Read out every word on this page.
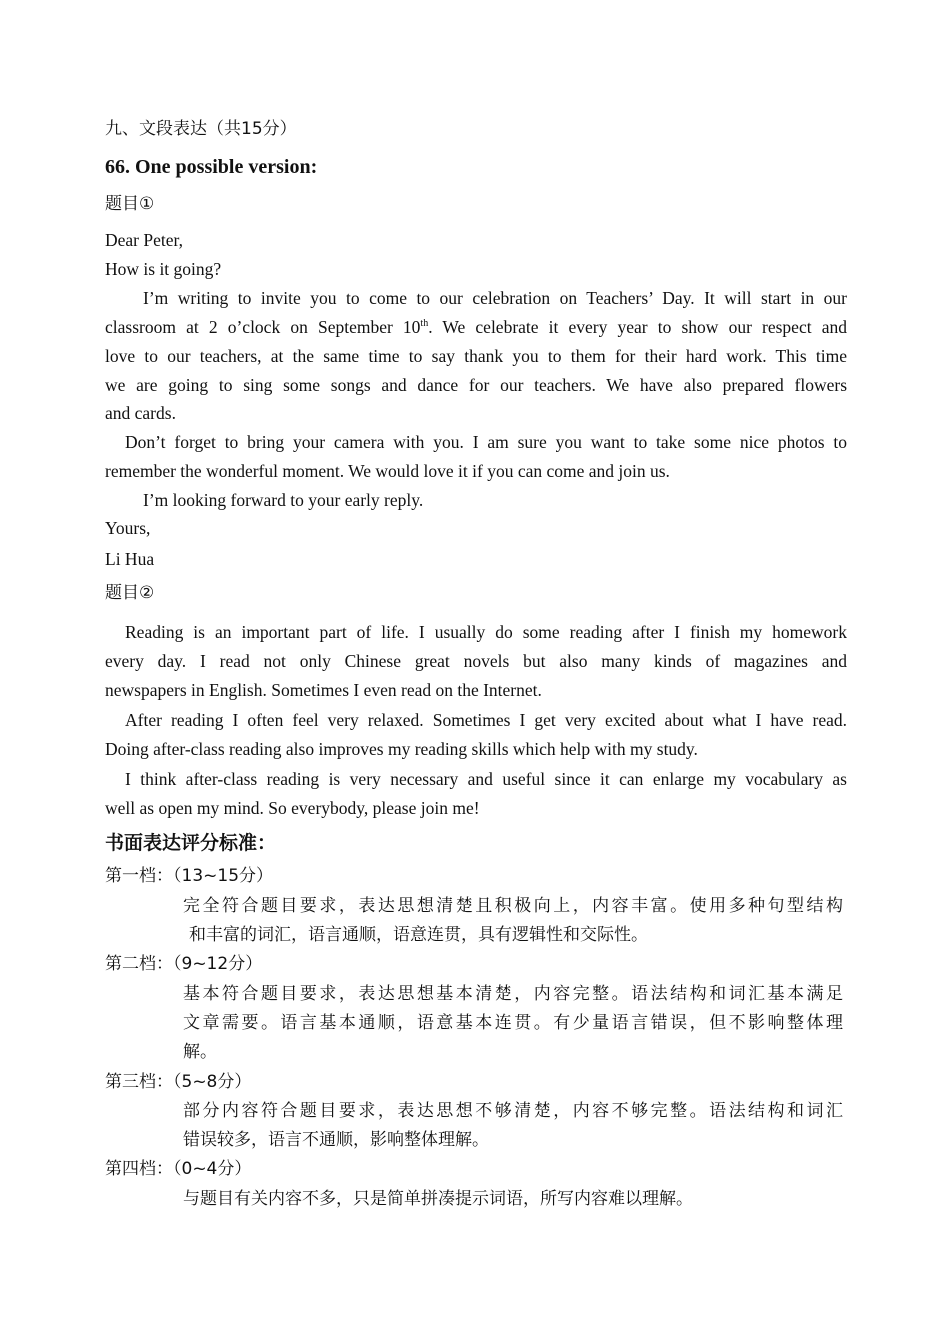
九、文段表达（共15分）
66. One possible version:
题目①
Dear Peter,
How is it going?
I’m writing to invite you to come to our celebration on Teachers’ Day. It will start in our
classroom at 2 o’clock on September 10th. We celebrate it every year to show our respect and
love to our teachers, at the same time to say thank you to them for their hard work. This time
we are going to sing some songs and dance for our teachers. We have also prepared flowers
and cards.
Don’t forget to bring your camera with you. I am sure you want to take some nice photos to
remember the wonderful moment. We would love it if you can come and join us.
I’m looking forward to your early reply.
Yours,
Li Hua
题目②
Reading is an important part of life. I usually do some reading after I finish my homework
every day. I read not only Chinese great novels but also many kinds of magazines and
newspapers in English. Sometimes I even read on the Internet.
After reading I often feel very relaxed. Sometimes I get very excited about what I have read.
Doing after-class reading also improves my reading skills which help with my study.
I think after-class reading is very necessary and useful since it can enlarge my vocabulary as
well as open my mind. So everybody, please join me!
书面表达评分标准：
第一档：（13~15分）
完全符合题目要求，表达思想清楚且积极向上，内容丰富。使用多种句型结构
和丰富的词汇，语言通顺，语意连贯，具有逻辑性和交际性。
第二档：（9~12分）
基本符合题目要求，表达思想基本清楚，内容完整。语法结构和词汇基本满足
文章需要。语言基本通顺，语意基本连贯。有少量语言错误，但不影响整体理
解。
第三档：（5~8分）
部分内容符合题目要求，表达思想不够清楚，内容不够完整。语法结构和词汇
错误较多，语言不通顺，影响整体理解。
第四档：（0~4分）
与题目有关内容不多，只是简单拼凑提示词语，所写内容难以理解。
